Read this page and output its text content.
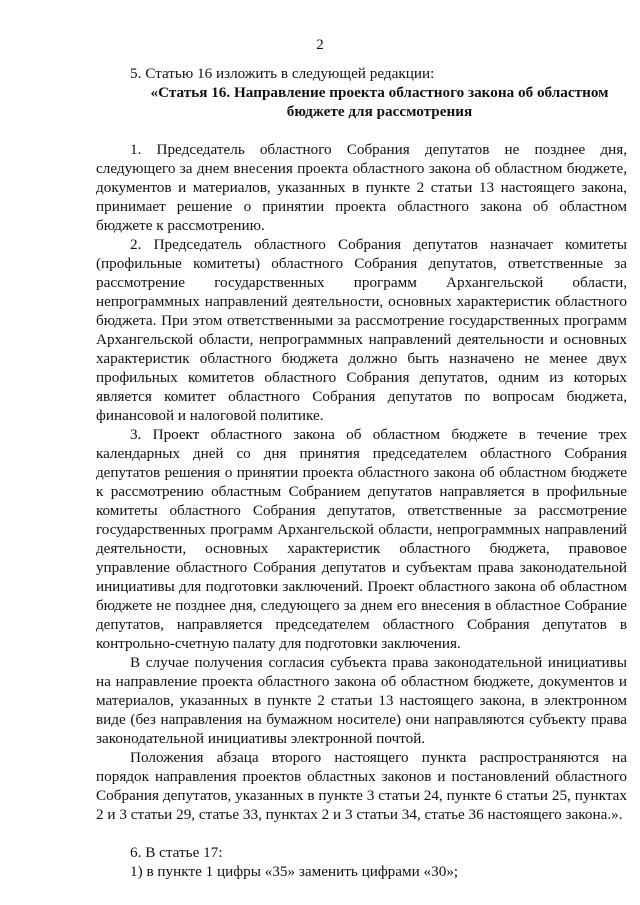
2

5. Статью 16 изложить в следующей редакции:

«Статья 16. Направление проекта областного закона об областном
бюджете для рассмотрения

1. Председатель областного Собрания депутатов не позднее дня, следующего за днем внесения проекта областного закона об областном бюджете, документов и материалов, указанных в пункте 2 статьи 13 настоящего закона, принимает решение о принятии проекта областного закона об областном бюджете к рассмотрению.

2. Председатель областного Собрания депутатов назначает комитеты (профильные комитеты) областного Собрания депутатов, ответственные за рассмотрение государственных программ Архангельской области, непрограммных направлений деятельности, основных характеристик областного бюджета. При этом ответственными за рассмотрение государственных программ Архангельской области, непрограммных направлений деятельности и основных характеристик областного бюджета должно быть назначено не менее двух профильных комитетов областного Собрания депутатов, одним из которых является комитет областного Собрания депутатов по вопросам бюджета, финансовой и налоговой политике.

3. Проект областного закона об областном бюджете в течение трех календарных дней со дня принятия председателем областного Собрания депутатов решения о принятии проекта областного закона об областном бюджете к рассмотрению областным Собранием депутатов направляется в профильные комитеты областного Собрания депутатов, ответственные за рассмотрение государственных программ Архангельской области, непрограммных направлений деятельности, основных характеристик областного бюджета, правовое управление областного Собрания депутатов и субъектам права законодательной инициативы для подготовки заключений. Проект областного закона об областном бюджете не позднее дня, следующего за днем его внесения в областное Собрание депутатов, направляется председателем областного Собрания депутатов в контрольно-счетную палату для подготовки заключения.

В случае получения согласия субъекта права законодательной инициативы на направление проекта областного закона об областном бюджете, документов и материалов, указанных в пункте 2 статьи 13 настоящего закона, в электронном виде (без направления на бумажном носителе) они направляются субъекту права законодательной инициативы электронной почтой.

Положения абзаца второго настоящего пункта распространяются на порядок направления проектов областных законов и постановлений областного Собрания депутатов, указанных в пункте 3 статьи 24, пункте 6 статьи 25, пунктах 2 и 3 статьи 29, статье 33, пунктах 2 и 3 статьи 34, статье 36 настоящего закона.».

6. В статье 17:

1) в пункте 1 цифры «35» заменить цифрами «30»;
